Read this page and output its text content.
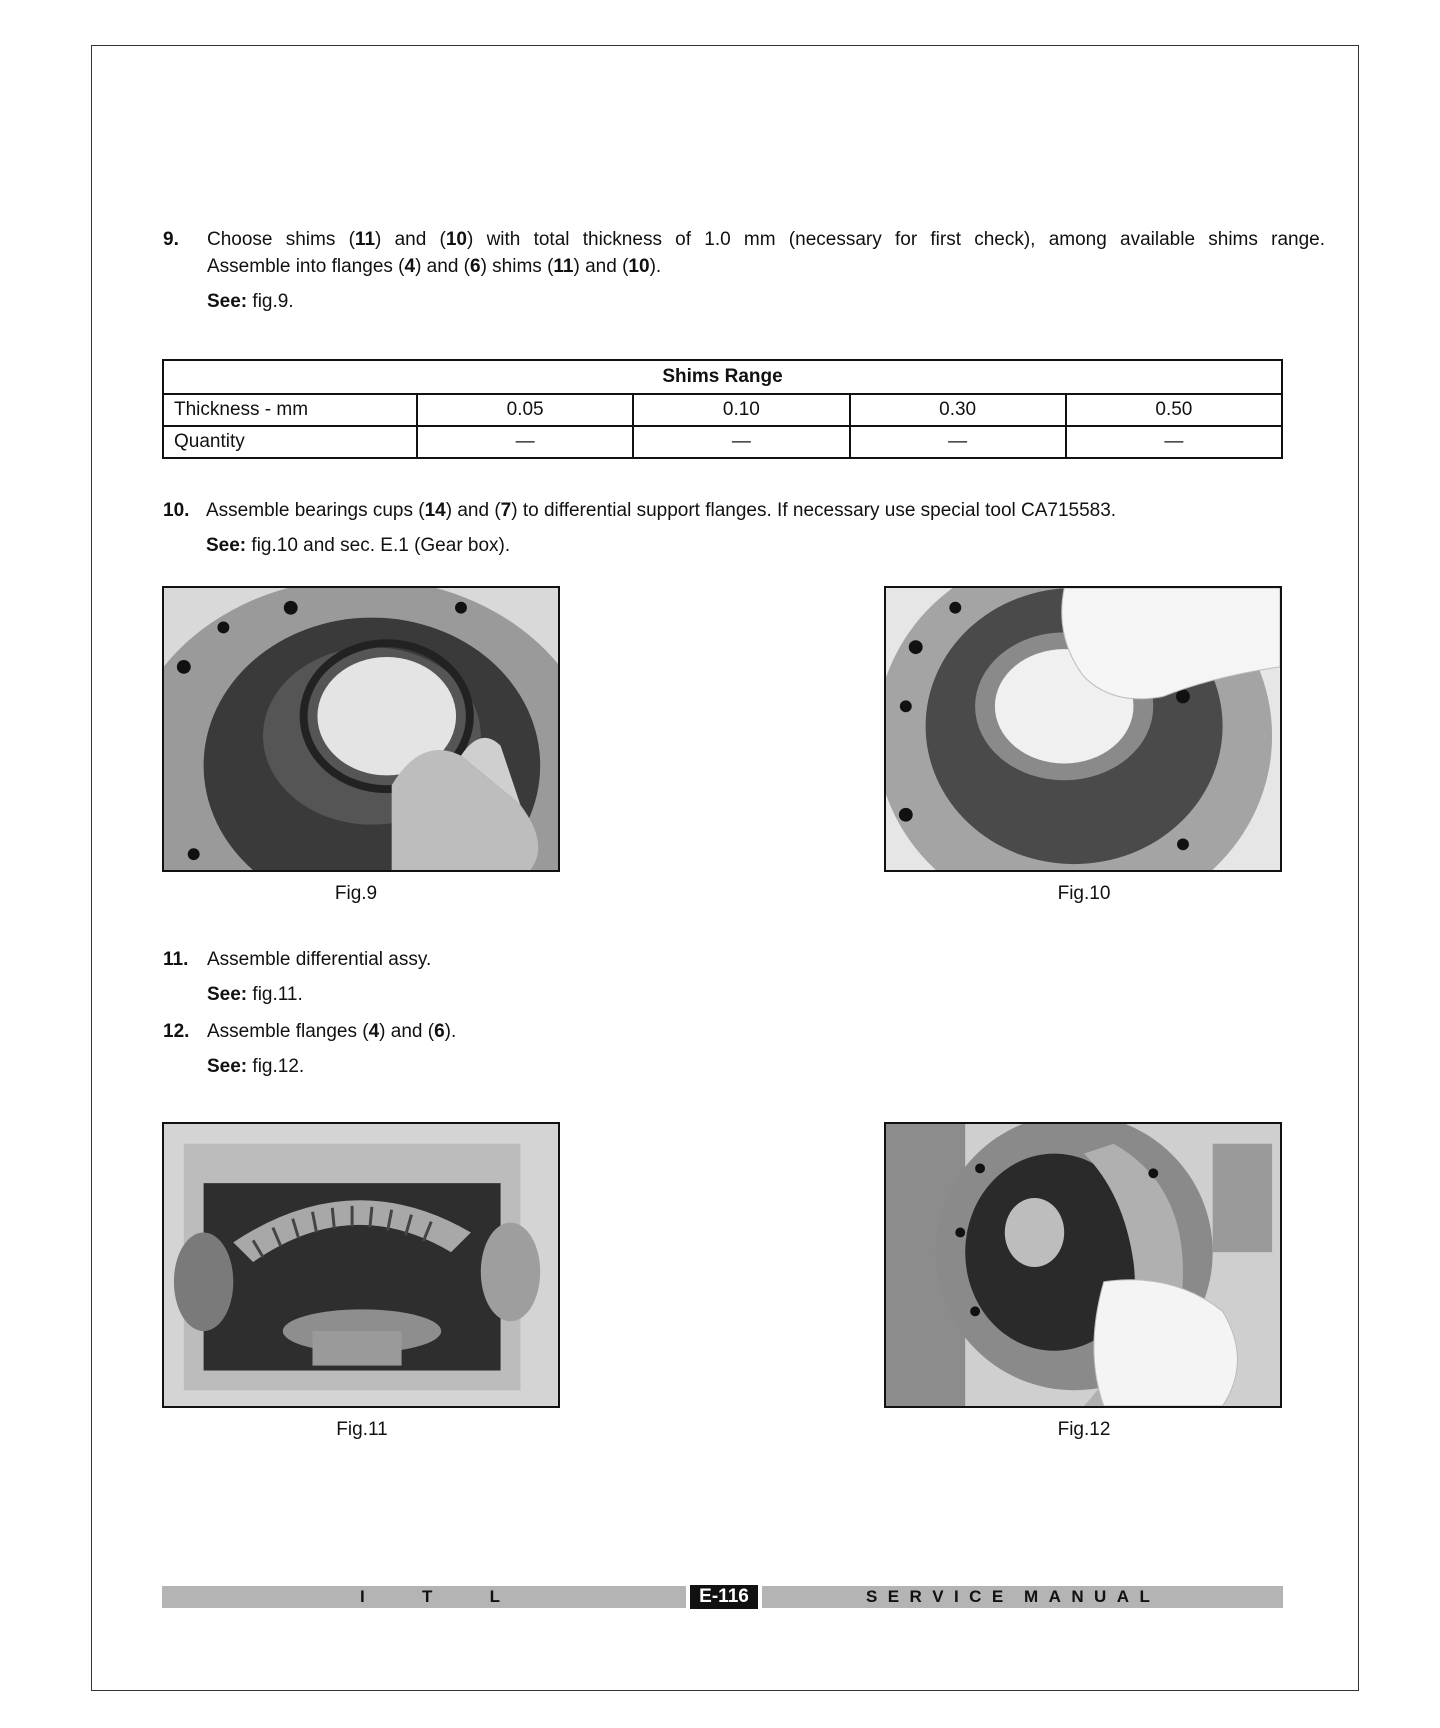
9. Choose shims (11) and (10) with total thickness of 1.0 mm (necessary for first check), among available shims range.
Assemble into flanges (4) and (6) shims (11) and (10).
See: fig.9.
Shims Range				
Thickness - mm	0.05	0.10	0.30	0.50
Quantity	—	—	—	—
10. Assemble bearings cups (14) and (7) to differential support flanges. If necessary use special tool CA715583.
See: fig.10 and sec. E.1 (Gear box).
Fig.9	Fig.10
11. Assemble differential assy.
See: fig.11.
12. Assemble flanges (4) and (6).
See: fig.12.
Fig.11	Fig.12
I	T	L	E-116	S E R V I C E M A N U A L
